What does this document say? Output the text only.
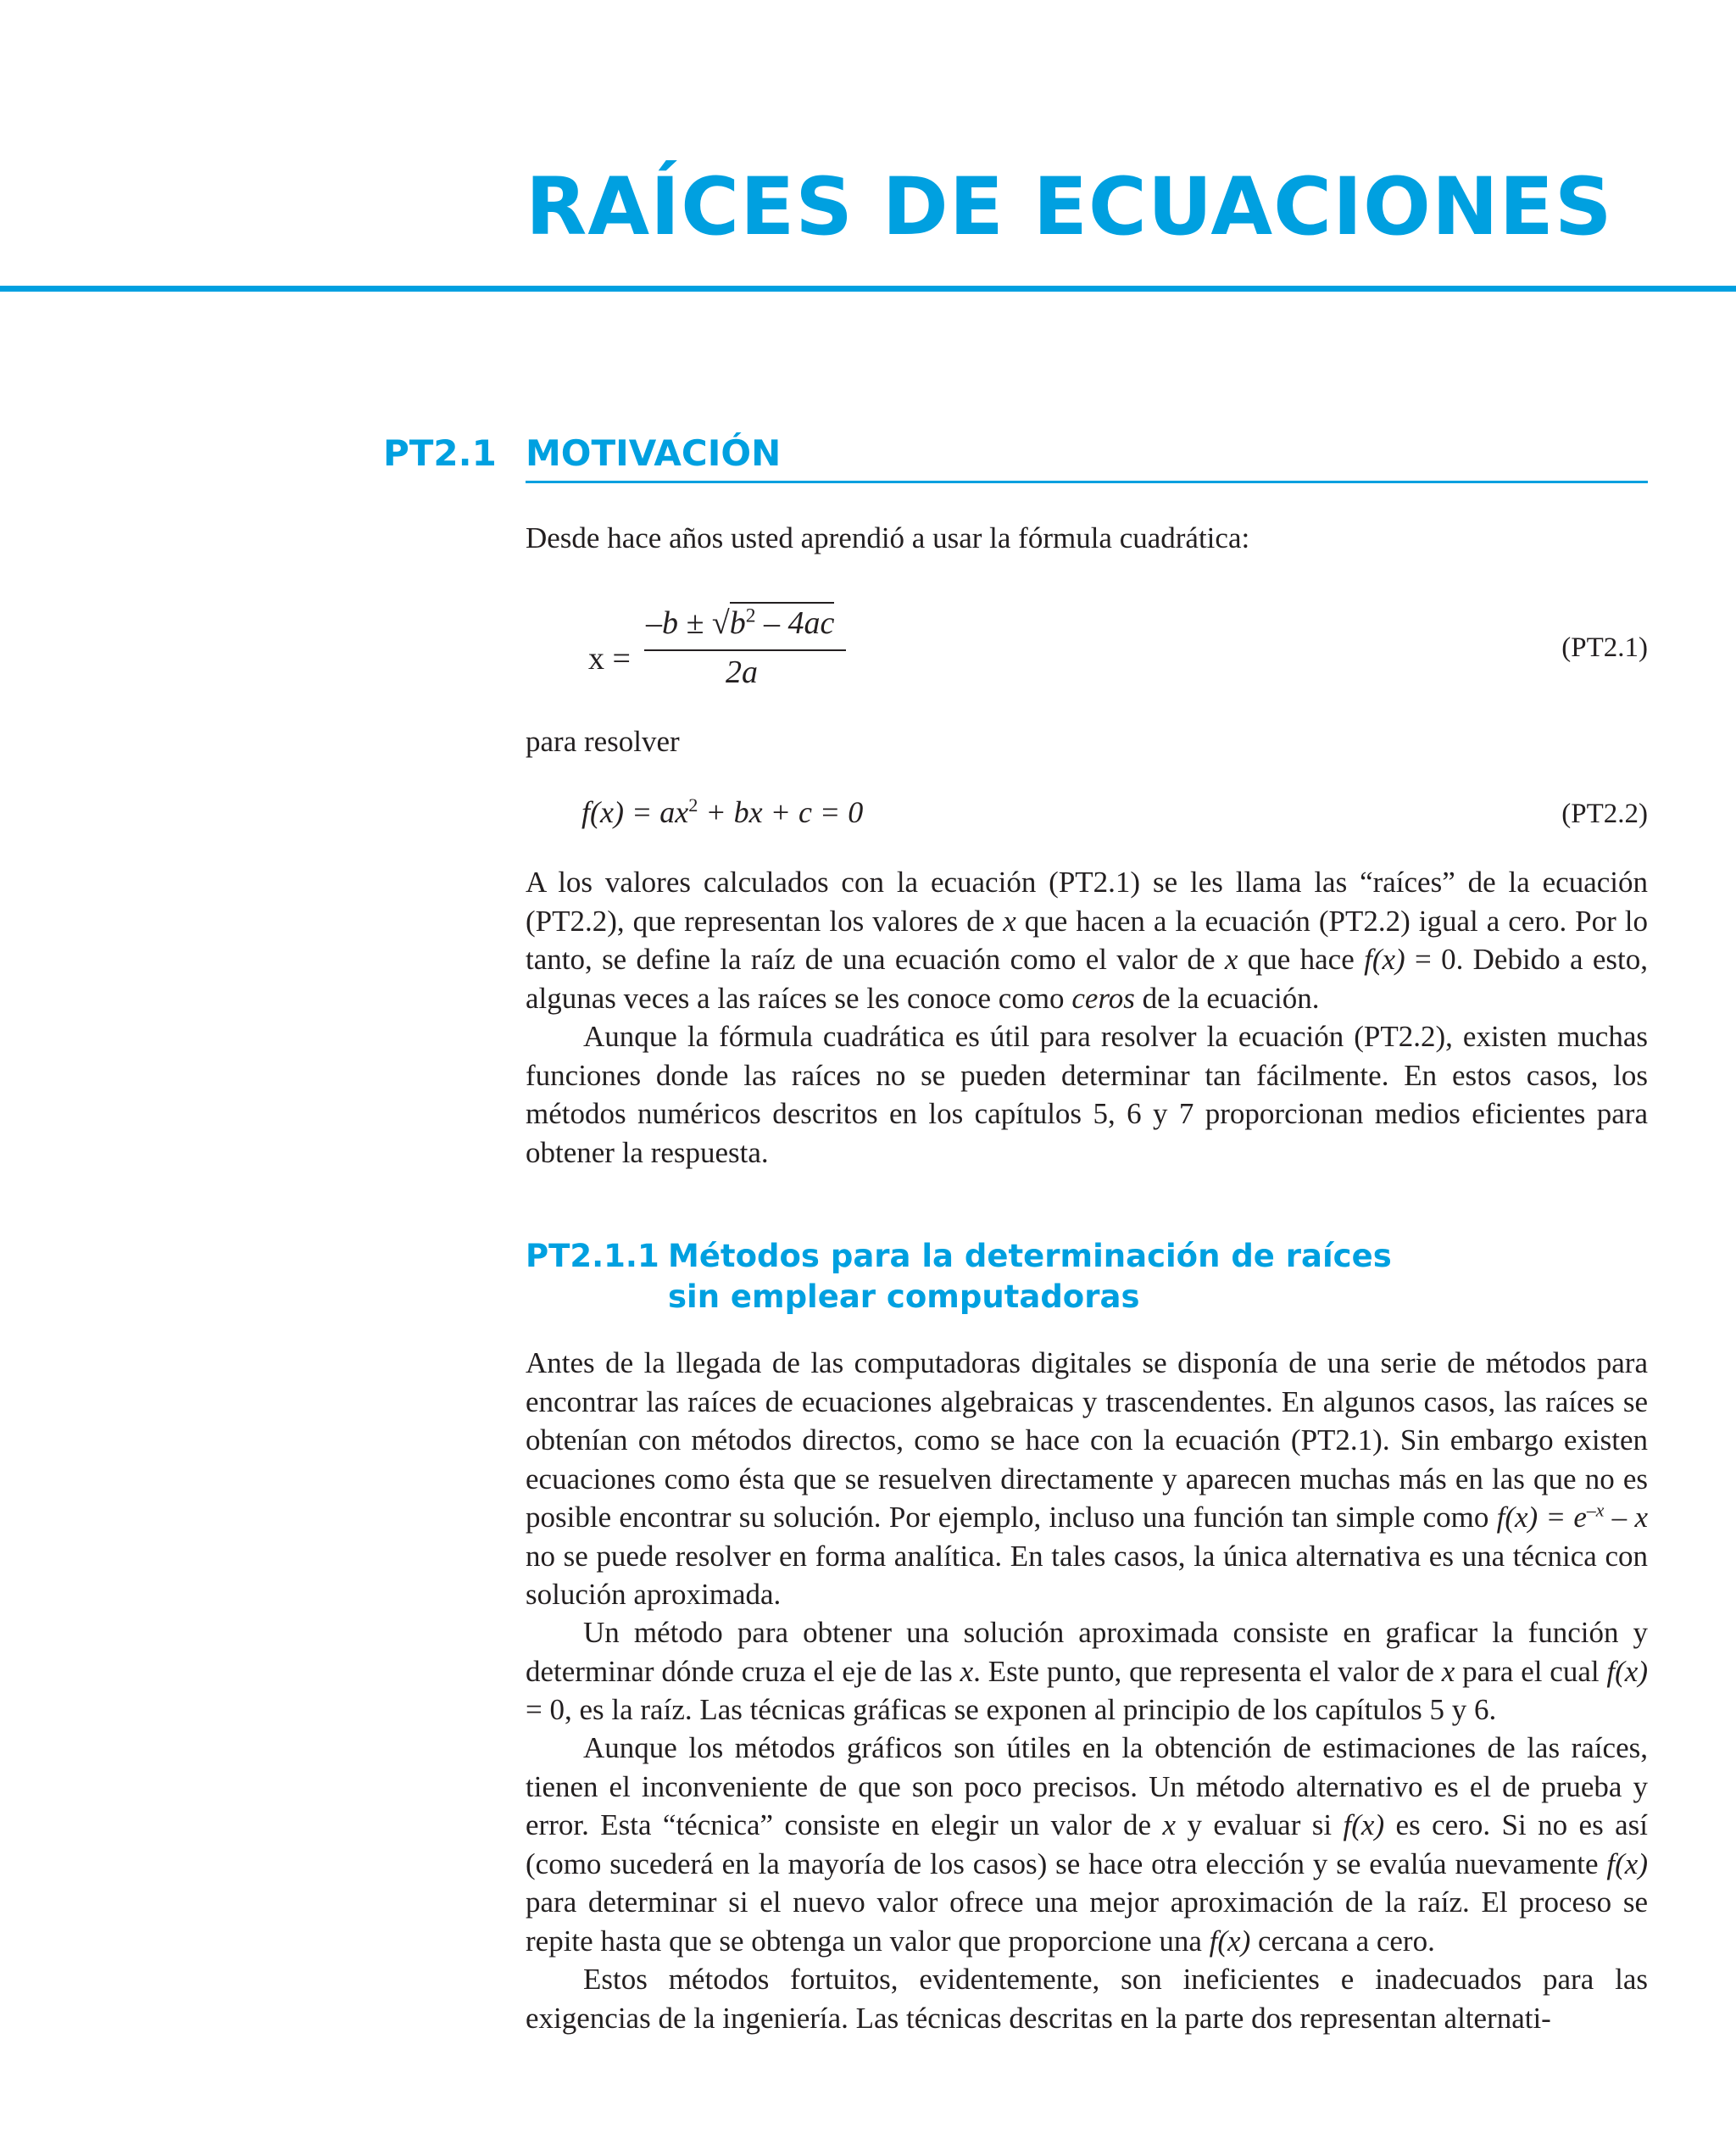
RAÍCES DE ECUACIONES
PT2.1 MOTIVACIÓN

Desde hace años usted aprendió a usar la fórmula cuadrática:

x =
$-b \pm √b^2 - 4ac$
2a
(PT2.1)

para resolver

$f(x) = ax^2$ + bx + c = 0	(PT2.2)

A los valores calculados con la ecuación (PT2.1) se les llama las “raíces” de la ecuación (PT2.2), que representan los valores de x que hacen a la ecuación (PT2.2) igual a cero. Por lo tanto, se define la raíz de una ecuación como el valor de x que hace f(x) = 0. Debido a esto, algunas veces a las raíces se les conoce como ceros de la ecuación.

Aunque la fórmula cuadrática es útil para resolver la ecuación (PT2.2), existen muchas funciones donde las raíces no se pueden determinar tan fácilmente. En estos casos, los métodos numéricos descritos en los capítulos 5, 6 y 7 proporcionan medios eficientes para obtener la respuesta.

PT2.1.1 Métodos para la determinación de raíces
sin emplear computadoras

Antes de la llegada de las computadoras digitales se disponía de una serie de métodos para encontrar las raíces de ecuaciones algebraicas y trascendentes. En algunos casos, las raíces se obtenían con métodos directos, como se hace con la ecuación (PT2.1). Sin embargo existen ecuaciones como ésta que se resuelven directamente y aparecen muchas más en las que no es posible encontrar su solución. Por ejemplo, incluso una función tan simple como $f(x) = e^{-x} - x$ no se puede resolver en forma analítica. En tales casos, la única alternativa es una técnica con solución aproximada.

Un método para obtener una solución aproximada consiste en graficar la función y determinar dónde cruza el eje de las x. Este punto, que representa el valor de x para el cual f(x) = 0, es la raíz. Las técnicas gráficas se exponen al principio de los capítulos 5 y 6.

Aunque los métodos gráficos son útiles en la obtención de estimaciones de las raíces, tienen el inconveniente de que son poco precisos. Un método alternativo es el de prueba y error. Esta “técnica” consiste en elegir un valor de x y evaluar si f(x) es cero. Si no es así (como sucederá en la mayoría de los casos) se hace otra elección y se evalúa nuevamente f(x) para determinar si el nuevo valor ofrece una mejor aproximación de la raíz. El proceso se repite hasta que se obtenga un valor que proporcione una f(x) cercana a cero.

Estos métodos fortuitos, evidentemente, son ineficientes e inadecuados para las exigencias de la ingeniería. Las técnicas descritas en la parte dos representan alternati-
